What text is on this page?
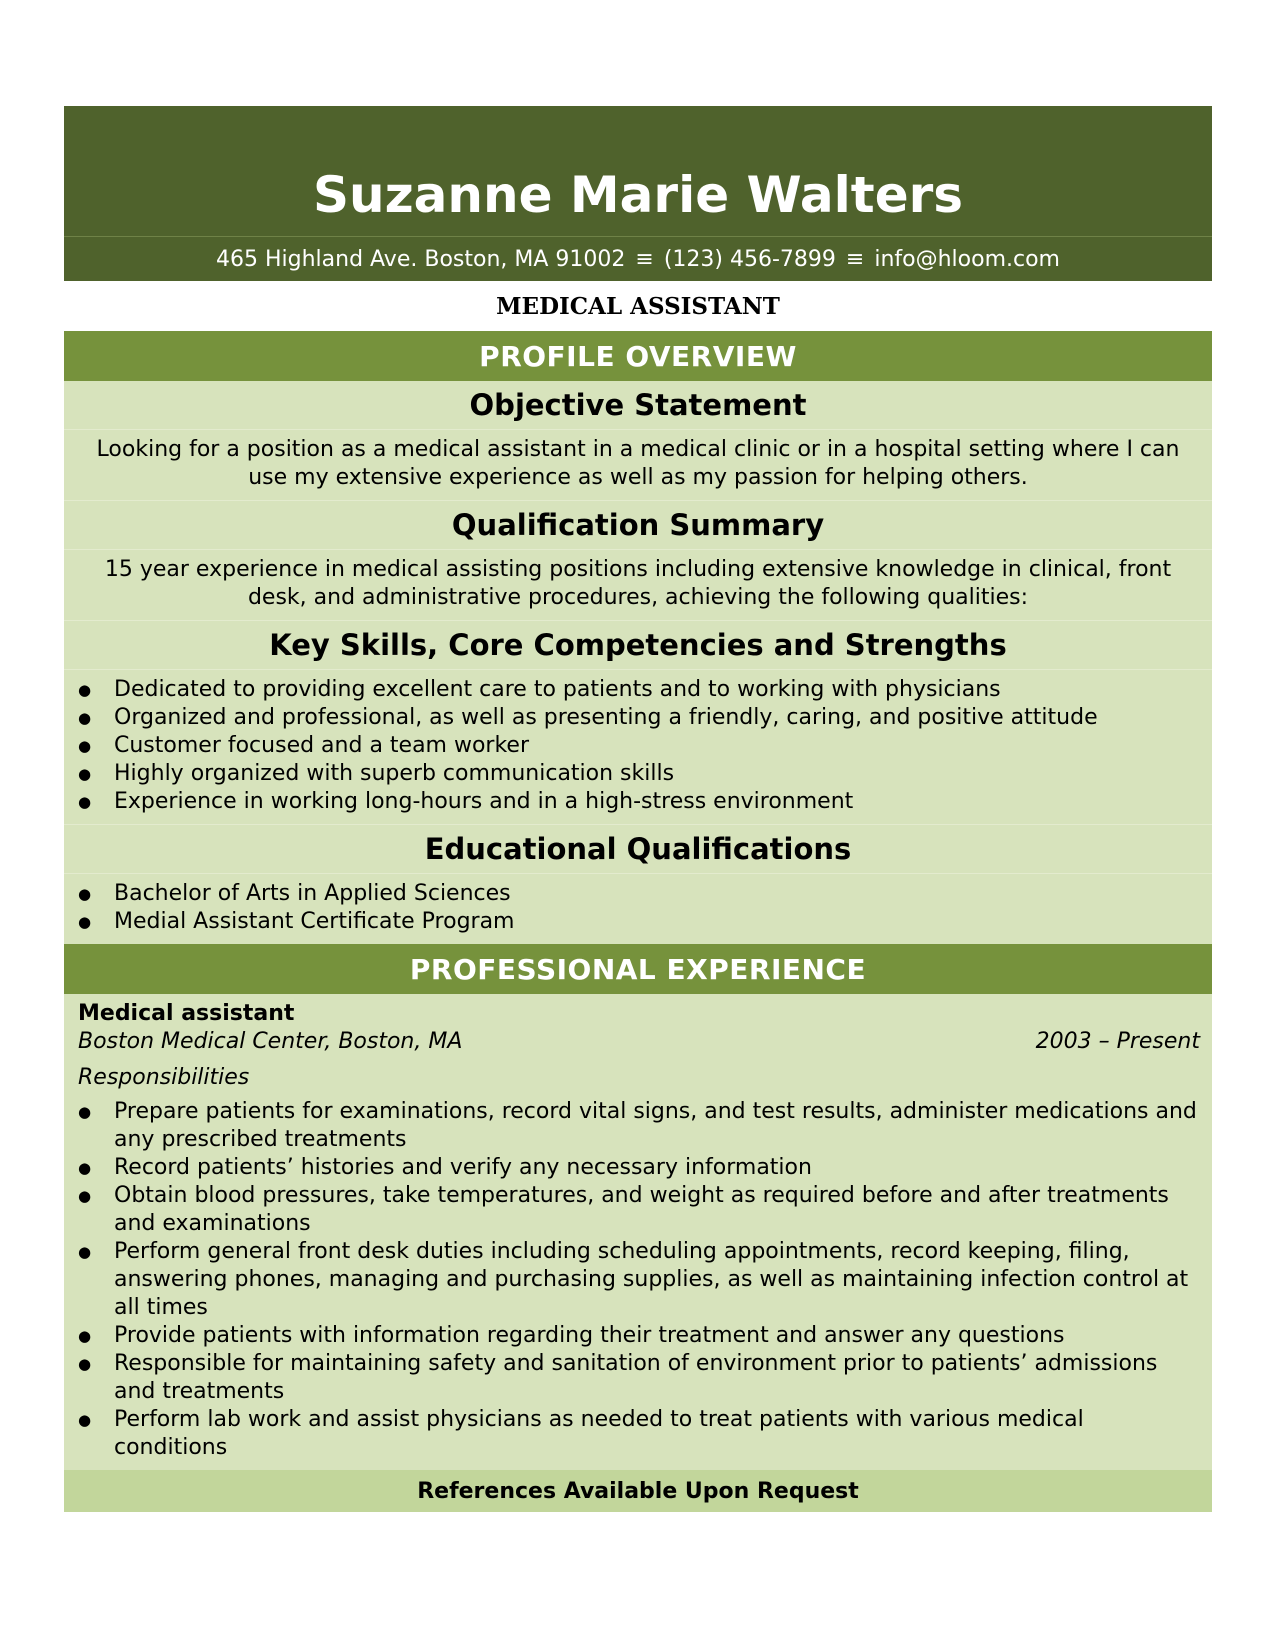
Suzanne Marie Walters
465 Highland Ave. Boston, MA 91002 ≡ (123) 456-7899 ≡ info@hloom.com
MEDICAL ASSISTANT
PROFILE OVERVIEW
Objective Statement
Looking for a position as a medical assistant in a medical clinic or in a hospital setting where I can use my extensive experience as well as my passion for helping others.
Qualification Summary
15 year experience in medical assisting positions including extensive knowledge in clinical, front desk, and administrative procedures, achieving the following qualities:
Key Skills, Core Competencies and Strengths
● Dedicated to providing excellent care to patients and to working with physicians
● Organized and professional, as well as presenting a friendly, caring, and positive attitude
● Customer focused and a team worker
● Highly organized with superb communication skills
● Experience in working long-hours and in a high-stress environment
Educational Qualifications
● Bachelor of Arts in Applied Sciences
● Medial Assistant Certificate Program
PROFESSIONAL EXPERIENCE
Medical assistant
Boston Medical Center, Boston, MA	2003 – Present
Responsibilities
● Prepare patients for examinations, record vital signs, and test results, administer medications and any prescribed treatments
● Record patients’ histories and verify any necessary information
● Obtain blood pressures, take temperatures, and weight as required before and after treatments and examinations
● Perform general front desk duties including scheduling appointments, record keeping, filing, answering phones, managing and purchasing supplies, as well as maintaining infection control at all times
● Provide patients with information regarding their treatment and answer any questions
● Responsible for maintaining safety and sanitation of environment prior to patients’ admissions and treatments
● Perform lab work and assist physicians as needed to treat patients with various medical conditions
References Available Upon Request
